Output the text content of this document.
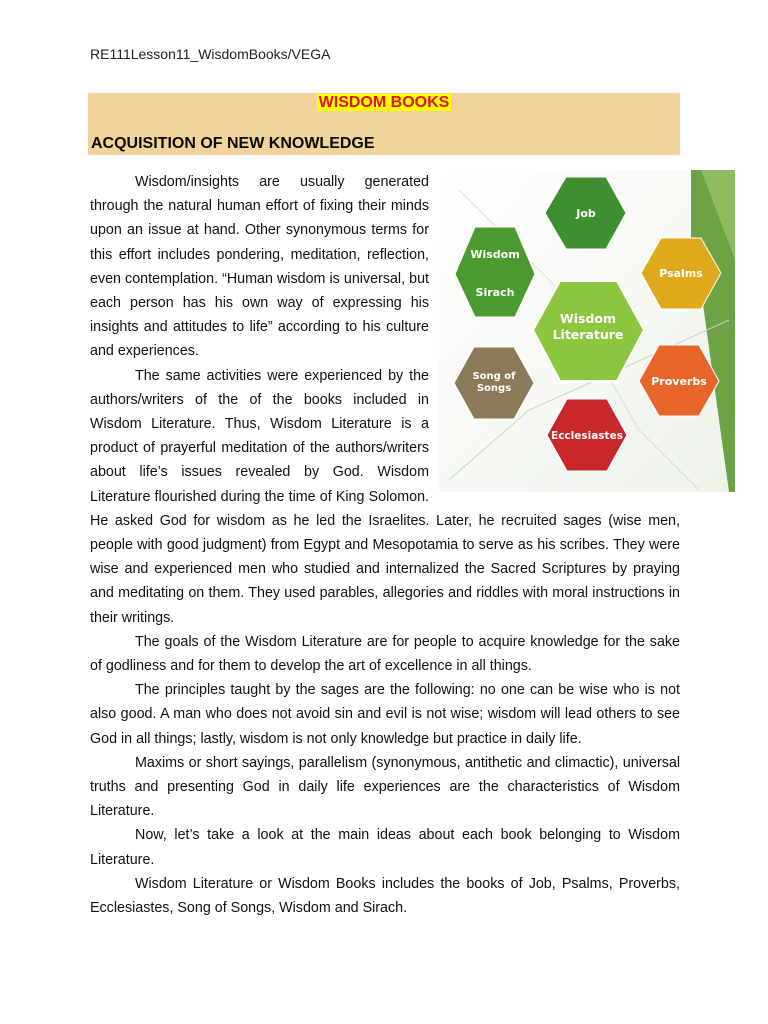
RE111Lesson11_WisdomBooks/VEGA
WISDOM BOOKS
ACQUISITION OF NEW KNOWLEDGE
Job
Psalms
Proverbs
Ecclesiastes
Song of
Songs
Wisdom
Sirach
Wisdom
Literature

Wisdom/insights are usually generated through the natural human effort of fixing their minds upon an issue at hand. Other synonymous terms for this effort includes pondering, meditation, reflection, even contemplation. “Human wisdom is universal, but each person has his own way of expressing his insights and attitudes to life” according to his culture and experiences.

The same activities were experienced by the authors/writers of the of the books included in Wisdom Literature. Thus, Wisdom Literature is a product of prayerful meditation of the authors/writers about life’s issues revealed by God. Wisdom Literature flourished during the time of King Solomon. He asked God for wisdom as he led the Israelites. Later, he recruited sages (wise men, people with good judgment) from Egypt and Mesopotamia to serve as his scribes. They were wise and experienced men who studied and internalized the Sacred Scriptures by praying and meditating on them. They used parables, allegories and riddles with moral instructions in their writings.

The goals of the Wisdom Literature are for people to acquire knowledge for the sake of godliness and for them to develop the art of excellence in all things.

The principles taught by the sages are the following: no one can be wise who is not also good. A man who does not avoid sin and evil is not wise; wisdom will lead others to see God in all things; lastly, wisdom is not only knowledge but practice in daily life.

Maxims or short sayings, parallelism (synonymous, antithetic and climactic), universal truths and presenting God in daily life experiences are the characteristics of Wisdom Literature.

Now, let’s take a look at the main ideas about each book belonging to Wisdom Literature.

Wisdom Literature or Wisdom Books includes the books of Job, Psalms, Proverbs, Ecclesiastes, Song of Songs, Wisdom and Sirach.
